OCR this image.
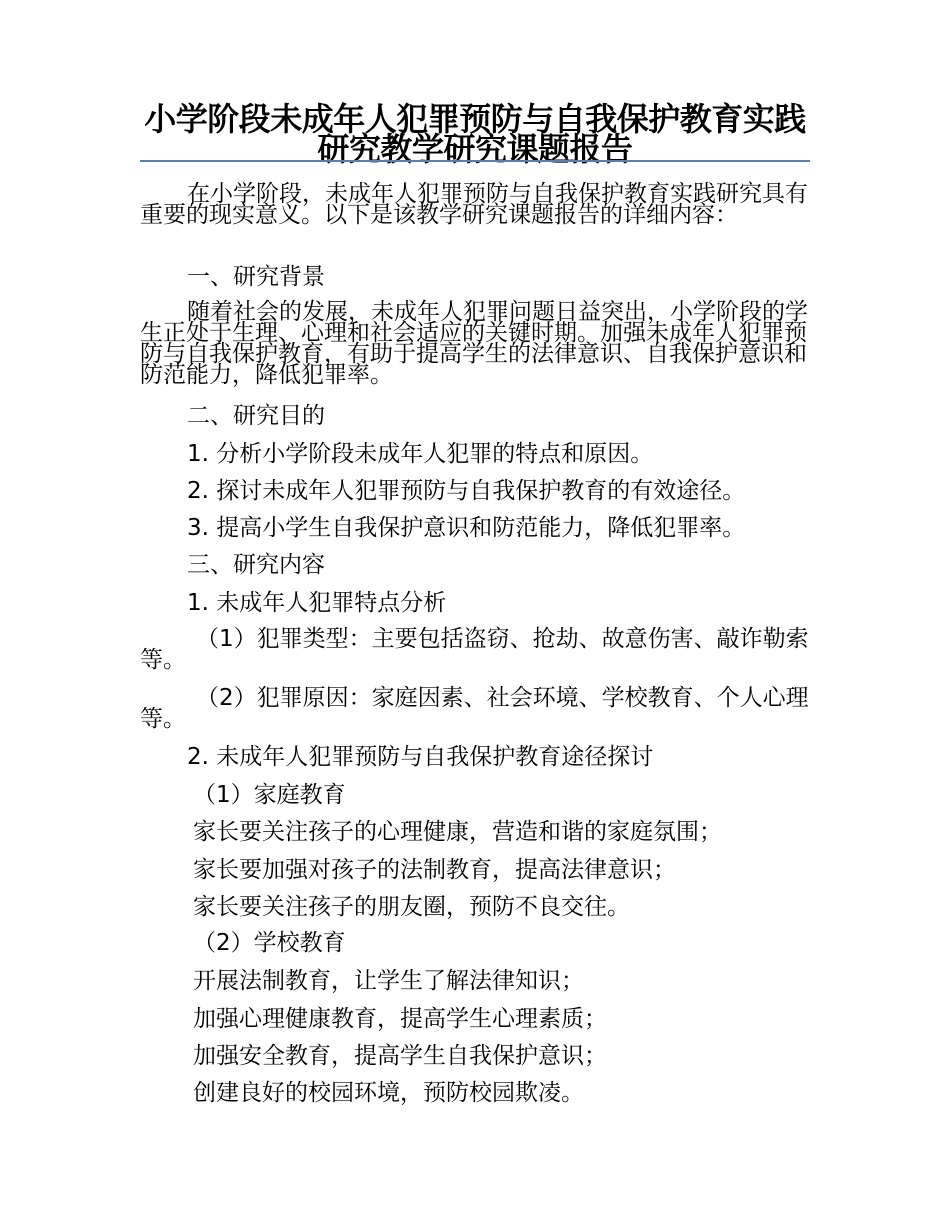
小学阶段未成年人犯罪预防与自我保护教育实践研究教学研究课题报告

在小学阶段，未成年人犯罪预防与自我保护教育实践研究具有重要的现实意义。以下是该教学研究课题报告的详细内容：

一、研究背景

随着社会的发展，未成年人犯罪问题日益突出，小学阶段的学生正处于生理、心理和社会适应的关键时期。加强未成年人犯罪预防与自我保护教育，有助于提高学生的法律意识、自我保护意识和防范能力，降低犯罪率。

二、研究目的

1. 分析小学阶段未成年人犯罪的特点和原因。

2. 探讨未成年人犯罪预防与自我保护教育的有效途径。

3. 提高小学生自我保护意识和防范能力，降低犯罪率。

三、研究内容

1. 未成年人犯罪特点分析

（1）犯罪类型：主要包括盗窃、抢劫、故意伤害、敲诈勒索等。

（2）犯罪原因：家庭因素、社会环境、学校教育、个人心理等。

2. 未成年人犯罪预防与自我保护教育途径探讨

（1）家庭教育

家长要关注孩子的心理健康，营造和谐的家庭氛围；

家长要加强对孩子的法制教育，提高法律意识；

家长要关注孩子的朋友圈，预防不良交往。

（2）学校教育

开展法制教育，让学生了解法律知识；

加强心理健康教育，提高学生心理素质；

加强安全教育，提高学生自我保护意识；

创建良好的校园环境，预防校园欺凌。
